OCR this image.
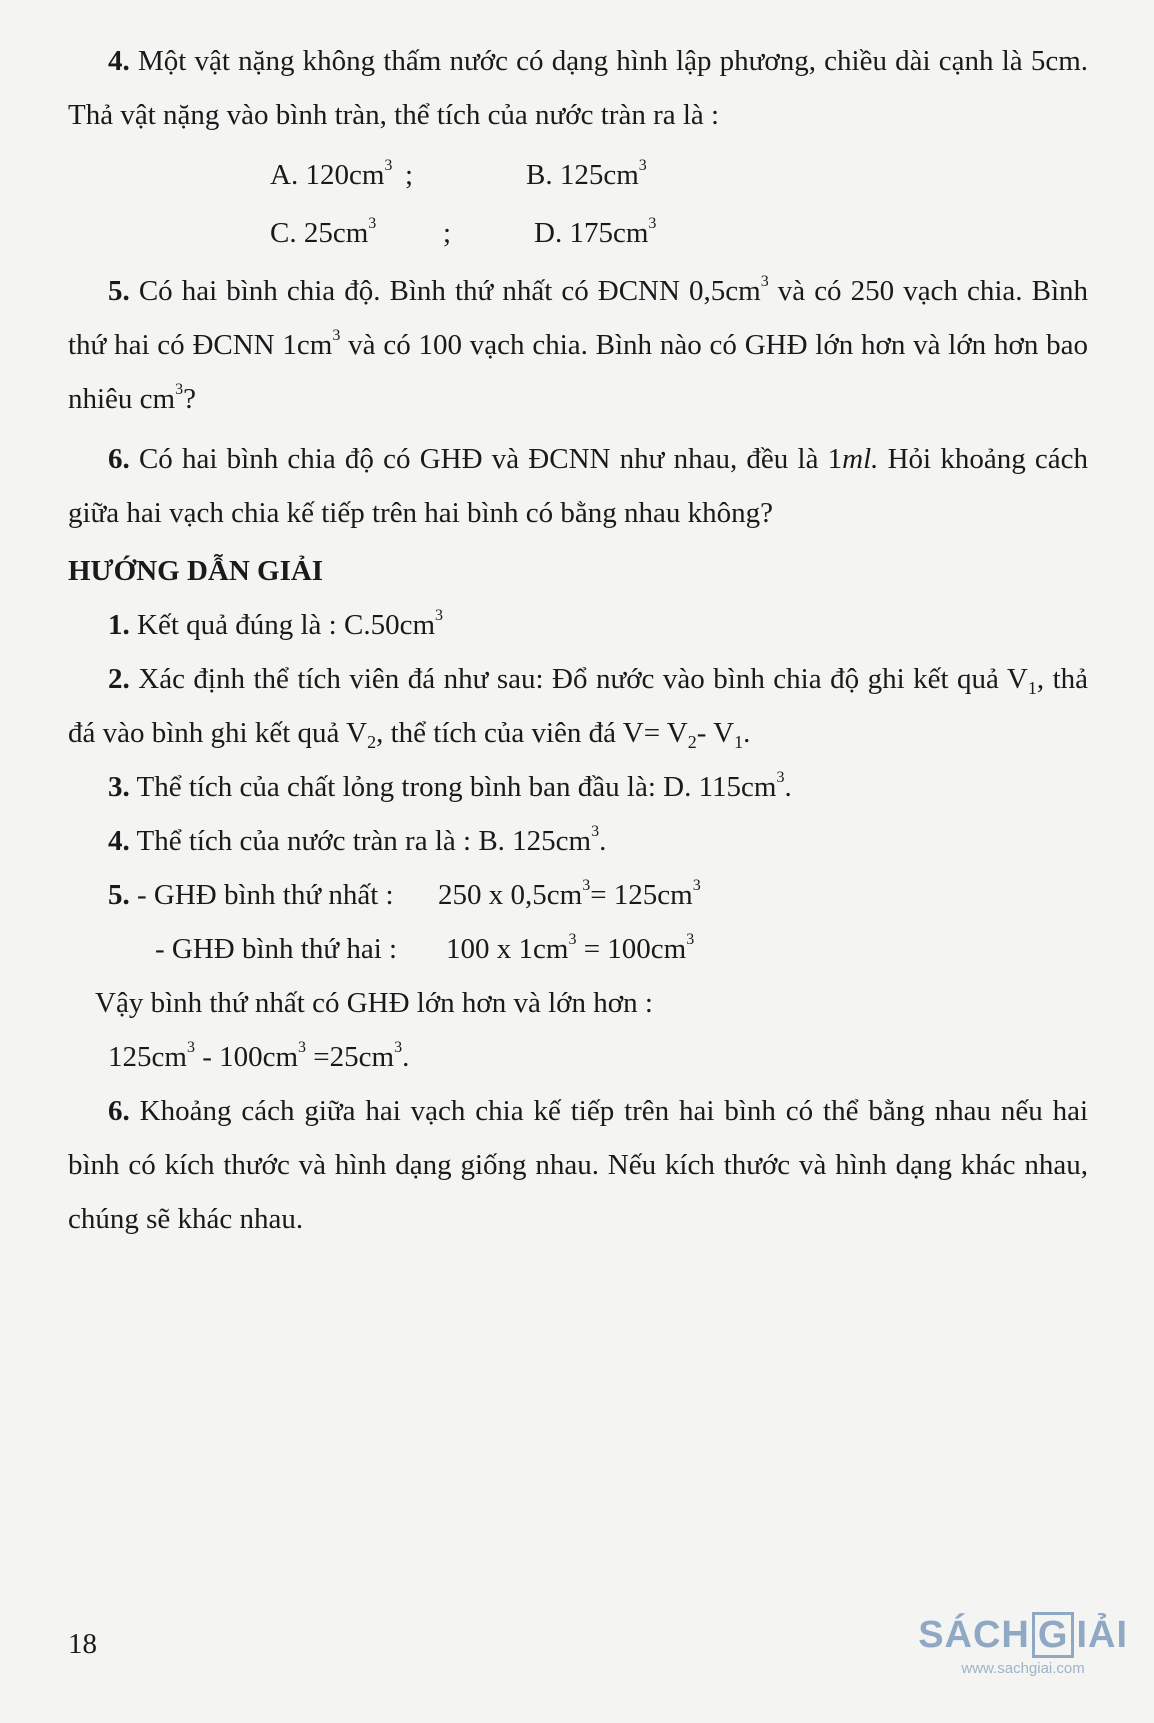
4. Một vật nặng không thấm nước có dạng hình lập phương, chiều dài cạnh là 5cm. Thả vật nặng vào bình tràn, thể tích của nước tràn ra là :

A. $120cm^3$ ;	B. $125cm^3$
C. $25cm^3$ ;	D. $175cm^3$

5. Có hai bình chia độ. Bình thứ nhất có ĐCNN $0,5cm^3$ và có 250 vạch chia. Bình thứ hai có ĐCNN $1cm^3$ và có 100 vạch chia. Bình nào có GHĐ lớn hơn và lớn hơn bao nhiêu $cm^3$?

6. Có hai bình chia độ có GHĐ và ĐCNN như nhau, đều là 1ml. Hỏi khoảng cách giữa hai vạch chia kế tiếp trên hai bình có bằng nhau không?

HƯỚNG DẪN GIẢI
1. Kết quả đúng là : $C.50cm^3$

2. Xác định thể tích viên đá như sau: Đổ nước vào bình chia độ ghi kết quả $V_1$, thả đá vào bình ghi kết quả $V_2$, thể tích của viên đá $V= V_2-$ $V_1$.

3. Thể tích của chất lỏng trong bình ban đầu là: D. $115cm^3$.
4. Thể tích của nước tràn ra là : B. $125cm^3$.
5. - GHĐ bình thứ nhất : 250 x $0,5cm^3= 125cm^3$
- GHĐ bình thứ hai : 100 x $1cm^3 = 100cm^3$
Vậy bình thứ nhất có GHĐ lớn hơn và lớn hơn :
$125cm^3 - 100cm^3 =25cm^3$.

6. Khoảng cách giữa hai vạch chia kế tiếp trên hai bình có thể bằng nhau nếu hai bình có kích thước và hình dạng giống nhau. Nếu kích thước và hình dạng khác nhau, chúng sẽ khác nhau.

18	SÁCH G IẢI
www.sachgiai.com
